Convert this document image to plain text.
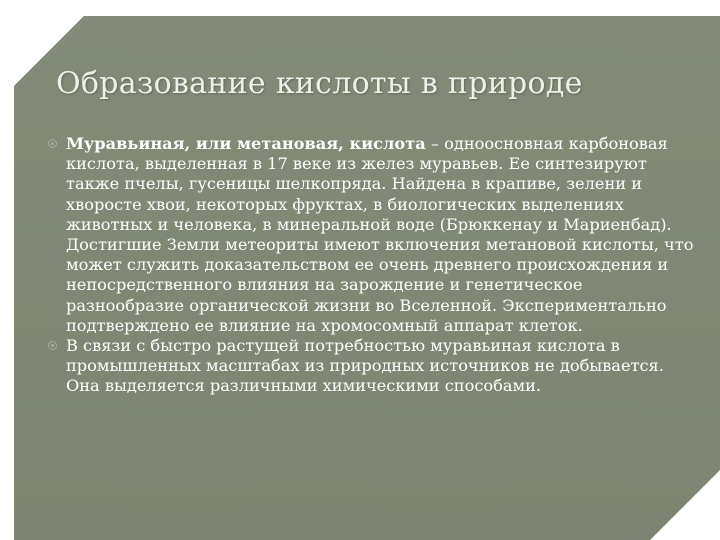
Образование кислоты в природе

Муравьиная, или метановая, кислота – одноосновная карбоновая кислота, выделенная в 17 веке из желез муравьев. Ее синтезируют также пчелы, гусеницы шелкопряда. Найдена в крапиве, зелени и хворосте хвои, некоторых фруктах, в биологических выделениях животных и человека, в минеральной воде (Брюккенау и Мариенбад). Достигшие Земли метеориты имеют включения метановой кислоты, что может служить доказательством ее очень древнего происхождения и непосредственного влияния на зарождение и генетическое разнообразие органической жизни во Вселенной. Экспериментально подтверждено ее влияние на хромосомный аппарат клеток.

В связи с быстро растущей потребностью муравьиная кислота в промышленных масштабах из природных источников не добывается. Она выделяется различными химическими способами.
